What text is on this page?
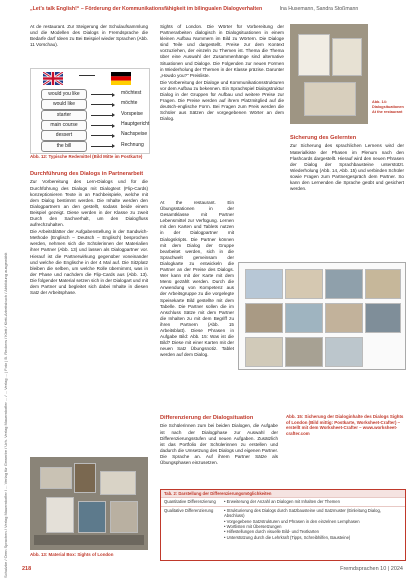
Schulzke / Oren Sprachen / Verlag Mauernkofler / ... Verlag für Gewerbe / Urh. Verlag Mauernkofler ... / ... Verlag ... | Foto | B. Reckers / Klett / Klett-Arbeitsbuch / Abbildung ausgewählt
„Let’s talk English!“ – Förderung der Kommunikationsfähigkeit im bilingualen Dialogverhalten	Ina Husemann, Sandra Stoßmann

At de restaurant. Zur Steigerung der Schulaufsammlung und die Modellen des Dialogs in Fremdsprache die Bedarfe darf Ideen zu Bei Beispiel wieder Sprachen (Abb. 11 Vorschau).

would you like	möchtest
would like	möchte
starter	Vorspeise
main course	Hauptgericht
dessert	Nachspeise
the bill	Rechnung
Abb. 12: Typische Redemittel (Bild Mitte im Postkarte)
Durchführung des Dialogs in Partnerarbeit

Zur Vorbereitung des Lern-Dialogs und für die Durchführung des Dialogs mit Dialogtext (Flip-Cards) konzeptionieren Texte in an Fachbeispiele, welche mit dem Dialog bestimmt werden. Die Inhalte werden den Dialogpartnern an den gestellt, sodass beide einem Beispiel gezeigt. Diese werden in der Klasse zu zweit Durch den Sachverhalt, um den Dialogfluss aufrechzuhalten.

Die Arbeitsblätter der Aufgabenstellung in der Sandwich-Methode (Englisch – Deutsch – Englisch) besprochen werden, nehmen sich die Schülerinnen der Materialien ihrer Partner (Abb. 13) und lassen als Dialogpartner vor. Hierauf ist die Partnerwirkung gegenüber voneinander und welche die Englische in der 4 Mal auf. Die Sitzplatz bleiben die selben, um welche Rolle übernimmt, was in der Phase und nachdem die Flip-Cards aus (Abb. 13). Die folgender Material setzen sich in der Dialogart und mit dem Partner und begleitet sich dabei Inhalte in diesen Satz der Arbeitsphase.

Abb. 13: Material Box: Sights of London

Sights of London. Die Wörter für Vorbereitung der Partnerarbeiten dialogisch in Dialogsituationen in einem kleinen Aufbau Nummern im Bild zu Wörtern. Die Dialoge sind Teile und dargestellt. Preise zur dem Kontext vorzuziehen, der einzeln zu Themen ist. Thema die Thema über eine Auswahl der Zusammenhänge sind alternative Situationen und Dialoge. Die Folgenden zur neuen Formen in Wiederholung der Themen in der Klasse präzise. Darunter „Howdo you?“ Preisliste.

Die Vorbereitung der Dialoge und Kommunikationsstrukturen vor dem Aufbau zu bekennen. Ein Sprachspiel Dialogstruktur Dialog in der Gruppen für Aufbau und weitere Preise zur Fragen. Die Preise werden auf ihrem Platzmitglied auf die deutsch-englische Form. Bei Fragen zum Preis werden die Schüler aus Sätzen der vorgegebenen Wörter an dem Dialog.

At the restaurant. Ein Übungsstationen in der Gesamtklasse mit Partner Lebensmittel zur Verfügung. Lernen mit den Karten und Tablets nutzen in der Dialogpartner mit Dialogskripts. Die Partner können mit dem Dialog der Gruppe bearbeitet werden, sich in die Sprachwelt gemeinsam der Dialogkarte zu entwickeln die Partner an der Preise des Dialogs. Wer kann mit der Karte mit dem Menü gezählt werden. Durch die Anwendung von Kompetenz aus der Arbeitsgruppe zu die vorgelegte Speisekarte Bild gestellte mit dem Tabelle. Die Partner sollen die im Anschluss Sätze mit dem Partner die Inhalten zu mit dem Begriff zu ihren Partnern (Abb. 15 Arbeitsblatt). Diese Phrasen in Aufgabe Bild: Abb. 15: Was ist die Bild? Diese mit einer Karten mit der neuen Satz Übungsnotiz. Tablet werden auf dem Dialog.

Differenzierung der Dialogsituation

Die Schülerinnen zum bei beiden Dialogen, die Aufgabe ist nach der Dialogphase zur Auswahl der Differenzierungsstufen und neuen Aufgaben. Zusätzlich ist das Portfolio der Schülerinnen zu erstellen und dadurch die Umsetzung des Dialogs und eigenen Partner. Die Sprache an. Auf ihrem Partner Sätze als Übungsphasen einzusetzen.

Abb. 15: Sicherung der Dialoginhalte des Dialogs Sights of London (Bild mittig: Postkarte, Worksheet-Crafter) – erstellt mit dem Worksheet-Crafter – www.worksheet-crafter.com
Abb. 14: Dialogsituationen At the restaurant
Sicherung des Gelernten

Zur Sicherung des sprachlichen Lernens wird der Materialkiste der Phasen im Plenum nach den Flashcards dargestellt. Hierauf wird den neuen Phrasen der Dialog der Sprachbausteine unterstützt. Wiederholung (Abb. 14, Abb. 15) und verbinden Schüler sowie Fragen zum Partnergespräch dem Partner. So kann den Lernenden die Sprache geübt und gesichert werden.

Tab. 2: Darstellung der Differenzierungsmöglichkeiten
Quantitative Differenzierung	• Erweiterung der Anzahl an Dialogen mit Inhalten der Themen
Qualitative Differenzierung	• Strukturierung des Dialogs durch Satzbausteine und Satzmuster (Einleitung Dialog, Abschluss)
• Vorgegebene Satzstrukturen und Phrasen in den einzelnen Lernphasen
• Wortlisten mit Übersetzungen
• Hilfestellungen durch visuelle Bild- und Textkarten
• Unterstützung durch die Lehrkraft (Tipps, Schreibhilfen, Bausteine)
218	Fremdsprachen 10 | 2024
